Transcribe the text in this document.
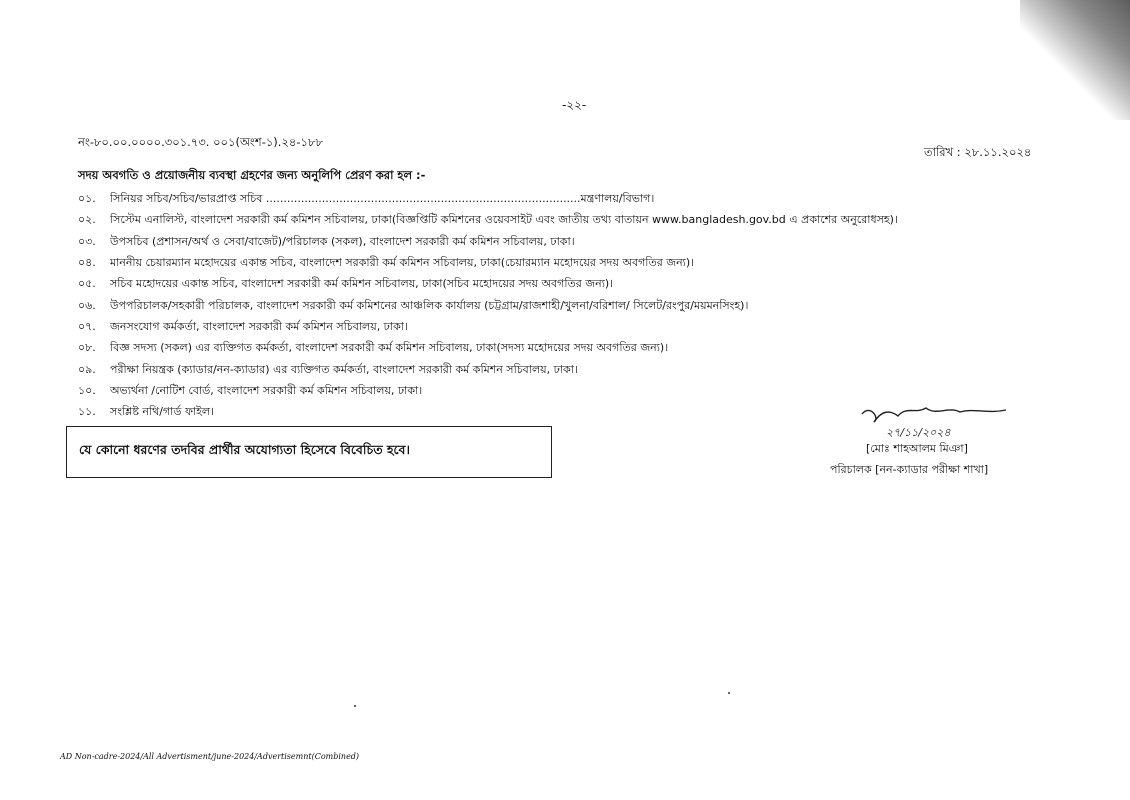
-২২-
নং-৮০.০০.০০০০.৩০১.৭৩. ০০১(অংশ-১).২৪-১৮৮
তারিখ : ২৮.১১.২০২৪
সদয় অবগতি ও প্রয়োজনীয় ব্যবস্থা গ্রহণের জন্য অনুলিপি প্রেরণ করা হল :-
০১.	সিনিয়র সচিব/সচিব/ভারপ্রাপ্ত সচিব ..........................................................................................মন্ত্রণালয়/বিভাগ।
০২.	সিস্টেম এনালিস্ট, বাংলাদেশ সরকারী কর্ম কমিশন সচিবালয়, ঢাকা(বিজ্ঞপ্তিটি কমিশনের ওয়েবসাইট এবং জাতীয় তথ্য বাতায়ন www.bangladesh.gov.bd এ প্রকাশের অনুরোধসহ)।
০৩.	উপসচিব (প্রশাসন/অর্থ ও সেবা/বাজেট)/পরিচালক (সকল), বাংলাদেশ সরকারী কর্ম কমিশন সচিবালয়, ঢাকা।
০৪.	মাননীয় চেয়ারম্যান মহোদয়ের একান্ত সচিব, বাংলাদেশ সরকারী কর্ম কমিশন সচিবালয়, ঢাকা(চেয়ারম্যান মহোদয়ের সদয় অবগতির জন্য)।
০৫.	সচিব মহোদয়ের একান্ত সচিব, বাংলাদেশ সরকারী কর্ম কমিশন সচিবালয়, ঢাকা(সচিব মহোদয়ের সদয় অবগতির জন্য)।
০৬.	উপপরিচালক/সহকারী পরিচালক, বাংলাদেশ সরকারী কর্ম কমিশনের আঞ্চলিক কার্যালয় (চট্টগ্রাম/রাজশাহী/খুলনা/বরিশাল/ সিলেট/রংপুর/ময়মনসিংহ)।
০৭.	জনসংযোগ কর্মকর্তা, বাংলাদেশ সরকারী কর্ম কমিশন সচিবালয়, ঢাকা।
০৮.	বিজ্ঞ সদস্য (সকল) এর ব্যক্তিগত কর্মকর্তা, বাংলাদেশ সরকারী কর্ম কমিশন সচিবালয়, ঢাকা(সদস্য মহোদয়ের সদয় অবগতির জন্য)।
০৯.	পরীক্ষা নিয়ন্ত্রক (ক্যাডার/নন-ক্যাডার) এর ব্যক্তিগত কর্মকর্তা, বাংলাদেশ সরকারী কর্ম কমিশন সচিবালয়, ঢাকা।
১০.	অভ্যর্থনা /নোটিশ বোর্ড, বাংলাদেশ সরকারী কর্ম কমিশন সচিবালয়, ঢাকা।
১১.	সংশ্লিষ্ট নথি/গার্ড ফাইল।
যে কোনো ধরণের তদবির প্রার্থীর অযোগ্যতা হিসেবে বিবেচিত হবে।
২৭/১১/২০২৪
[মোঃ শাহআলম মিঞা]
পরিচালক [নন-ক্যাডার পরীক্ষা শাখা]
AD Non-cadre-2024/All Advertisment/june-2024/Advertisemnt(Combined)
